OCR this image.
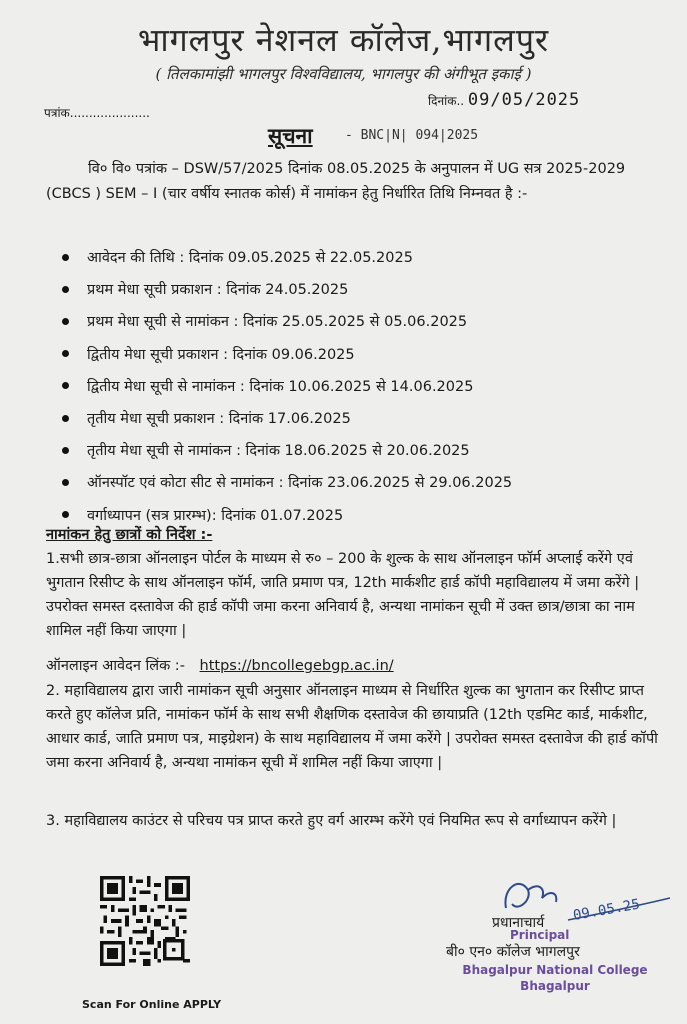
भागलपुर नेशनल कॉलेज,भागलपुर
( तिलकामांझी भागलपुर विश्वविद्यालय, भागलपुर की अंगीभूत इकाई )
पत्रांक.....................
दिनांक.. 09/05/2025
सूचना - BNC|N| 094|2025
वि० वि० पत्रांक – DSW/57/2025 दिनांक 08.05.2025 के अनुपालन में UG सत्र 2025-2029 (CBCS ) SEM – I (चार वर्षीय स्नातक कोर्स) में नामांकन हेतु निर्धारित तिथि निम्नवत है :-
आवेदन की तिथि : दिनांक 09.05.2025 से 22.05.2025
प्रथम मेधा सूची प्रकाशन : दिनांक 24.05.2025
प्रथम मेधा सूची से नामांकन : दिनांक 25.05.2025 से 05.06.2025
द्वितीय मेधा सूची प्रकाशन : दिनांक 09.06.2025
द्वितीय मेधा सूची से नामांकन : दिनांक 10.06.2025 से 14.06.2025
तृतीय मेधा सूची प्रकाशन : दिनांक 17.06.2025
तृतीय मेधा सूची से नामांकन : दिनांक 18.06.2025 से 20.06.2025
ऑनस्पॉट एवं कोटा सीट से नामांकन : दिनांक 23.06.2025 से 29.06.2025
वर्गाध्यापन (सत्र प्रारम्भ): दिनांक 01.07.2025
नामांकन हेतु छात्रों को निर्देश :-
1.सभी छात्र-छात्रा ऑनलाइन पोर्टल के माध्यम से रु० – 200 के शुल्क के साथ ऑनलाइन फॉर्म अप्लाई करेंगे एवं भुगतान रिसीप्ट के साथ ऑनलाइन फॉर्म, जाति प्रमाण पत्र, 12th मार्कशीट हार्ड कॉपी महाविद्यालय में जमा करेंगे | उपरोक्त समस्त दस्तावेज की हार्ड कॉपी जमा करना अनिवार्य है, अन्यथा नामांकन सूची में उक्त छात्र/छात्रा का नाम शामिल नहीं किया जाएगा |
ऑनलाइन आवेदन लिंक :- https://bncollegebgp.ac.in/
2. महाविद्यालय द्वारा जारी नामांकन सूची अनुसार ऑनलाइन माध्यम से निर्धारित शुल्क का भुगतान कर रिसीप्ट प्राप्त करते हुए कॉलेज प्रति, नामांकन फॉर्म के साथ सभी शैक्षणिक दस्तावेज की छायाप्रति (12th एडमिट कार्ड, मार्कशीट, आधार कार्ड, जाति प्रमाण पत्र, माइग्रेशन) के साथ महाविद्यालय में जमा करेंगे | उपरोक्त समस्त दस्तावेज की हार्ड कॉपी जमा करना अनिवार्य है, अन्यथा नामांकन सूची में शामिल नहीं किया जाएगा |
3. महाविद्यालय काउंटर से परिचय पत्र प्राप्त करते हुए वर्ग आरम्भ करेंगे एवं नियमित रूप से वर्गाध्यापन करेंगे |
Scan For Online APPLY
09.05.25
प्रधानाचार्य
Principal
बी० एन० कॉलेज भागलपुर
Bhagalpur National College
Bhagalpur
